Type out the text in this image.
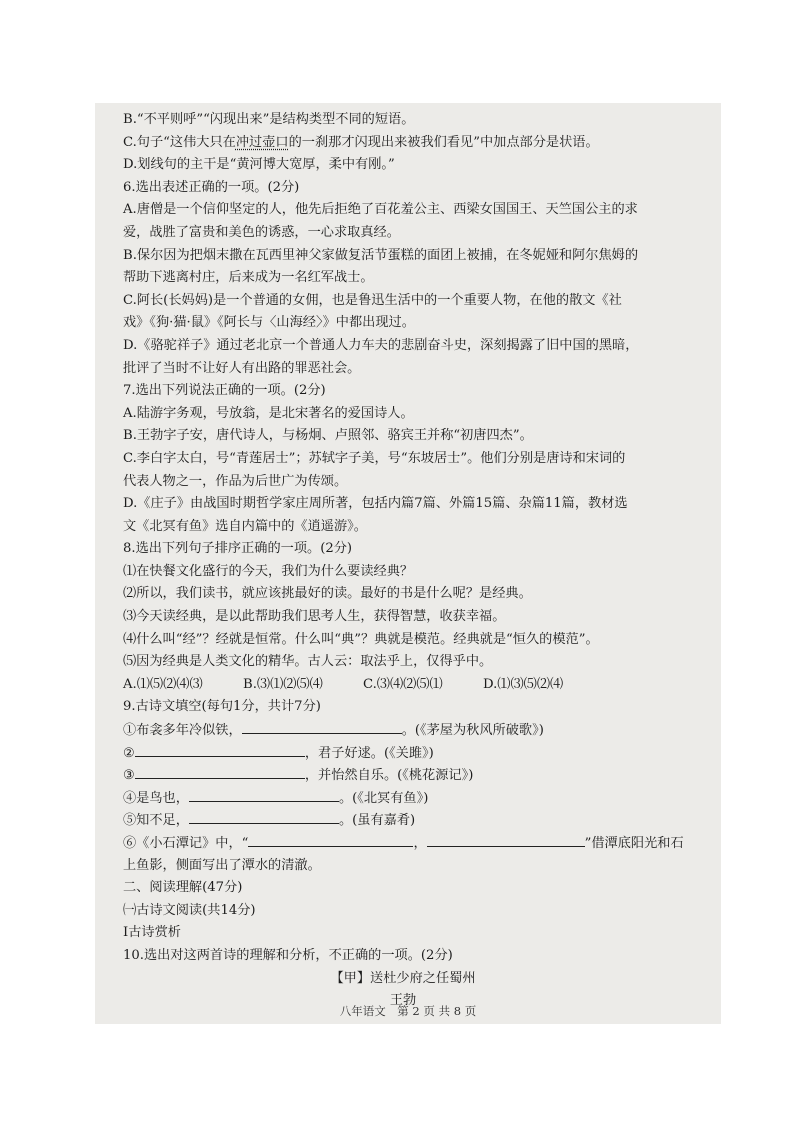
B.“不平则呼”“闪现出来”是结构类型不同的短语。
C.句子“这伟大只在冲过壶口的一刹那才闪现出来被我们看见”中加点部分是状语。
D.划线句的主干是“黄河博大宽厚，柔中有刚。”
6.选出表述正确的一项。(2分)
A.唐僧是一个信仰坚定的人，他先后拒绝了百花羞公主、西梁女国国王、天竺国公主的求
爱，战胜了富贵和美色的诱惑，一心求取真经。
B.保尔因为把烟末撒在瓦西里神父家做复活节蛋糕的面团上被捕，在冬妮娅和阿尔焦姆的
帮助下逃离村庄，后来成为一名红军战士。
C.阿长(长妈妈)是一个普通的女佣，也是鲁迅生活中的一个重要人物，在他的散文《社
戏》《狗·猫·鼠》《阿长与〈山海经〉》中都出现过。
D.《骆驼祥子》通过老北京一个普通人力车夫的悲剧奋斗史，深刻揭露了旧中国的黑暗，
批评了当时不让好人有出路的罪恶社会。
7.选出下列说法正确的一项。(2分)
A.陆游字务观，号放翁，是北宋著名的爱国诗人。
B.王勃字子安，唐代诗人，与杨炯、卢照邻、骆宾王并称“初唐四杰”。
C.李白字太白，号“青莲居士”；苏轼字子美，号“东坡居士”。他们分别是唐诗和宋词的
代表人物之一，作品为后世广为传颂。
D.《庄子》由战国时期哲学家庄周所著，包括内篇7篇、外篇15篇、杂篇11篇，教材选
文《北冥有鱼》选自内篇中的《逍遥游》。
8.选出下列句子排序正确的一项。(2分)
⑴在快餐文化盛行的今天，我们为什么要读经典？
⑵所以，我们读书，就应该挑最好的读。最好的书是什么呢？是经典。
⑶今天读经典，是以此帮助我们思考人生，获得智慧，收获幸福。
⑷什么叫“经”？经就是恒常。什么叫“典”？典就是模范。经典就是“恒久的模范”。
⑸因为经典是人类文化的精华。古人云：取法乎上，仅得乎中。
A.⑴⑸⑵⑷⑶	B.⑶⑴⑵⑸⑷	C.⑶⑷⑵⑸⑴	D.⑴⑶⑸⑵⑷
9.古诗文填空(每句1分，共计7分)
①布衾多年冷似铁，	。(《茅屋为秋风所破歌》)
②	，君子好逑。(《关雎》)
③	，并怡然自乐。(《桃花源记》)
④是鸟也，	。(《北冥有鱼》)
⑤知不足，	。(虽有嘉肴)
⑥《小石潭记》中，“	，	”借潭底阳光和石
上鱼影，侧面写出了潭水的清澈。
二、阅读理解(47分)
㈠古诗文阅读(共14分)
Ⅰ古诗赏析
10.选出对这两首诗的理解和分析，不正确的一项。(2分)
【甲】送杜少府之任蜀州
王勃
八年语文　第 2 页 共 8 页
